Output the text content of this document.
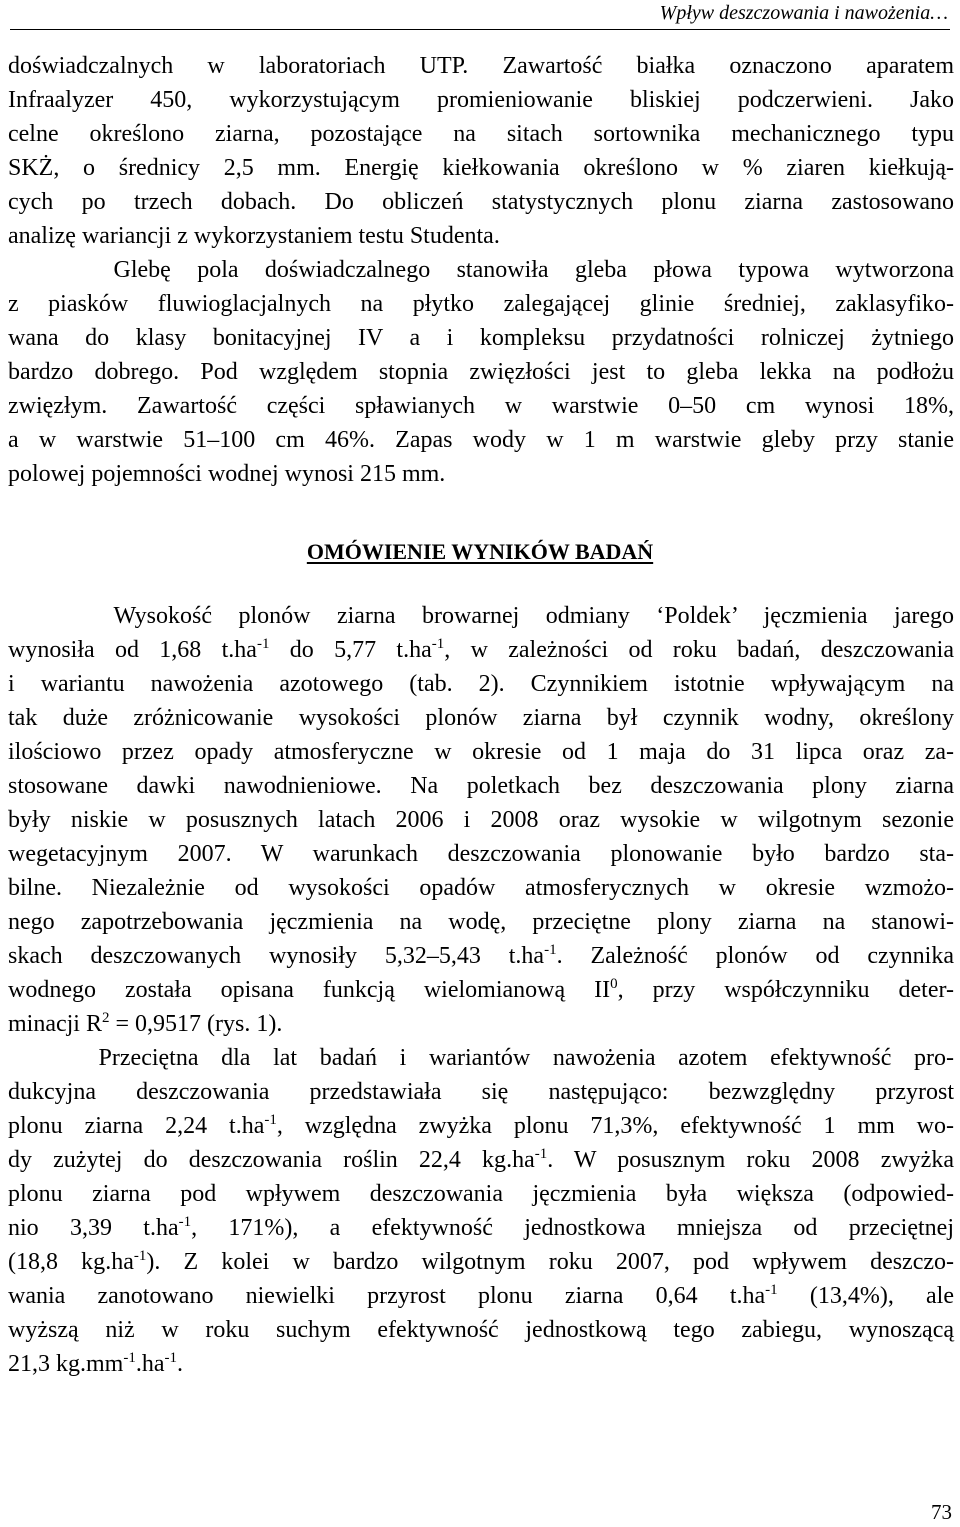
Wpływ deszczowania i nawożenia…
doświadczalnych w laboratoriach UTP. Zawartość białka oznaczono aparatem
Infraalyzer 450, wykorzystującym promieniowanie bliskiej podczerwieni. Jako
celne określono ziarna, pozostające na sitach sortownika mechanicznego typu
SKŻ, o średnicy 2,5 mm. Energię kiełkowania określono w % ziaren kiełkują-
cych po trzech dobach. Do obliczeń statystycznych plonu ziarna zastosowano
analizę wariancji z wykorzystaniem testu Studenta.
Glebę pola doświadczalnego stanowiła gleba płowa typowa wytworzona
z piasków fluwioglacjalnych na płytko zalegającej glinie średniej, zaklasyfiko-
wana do klasy bonitacyjnej IV a i kompleksu przydatności rolniczej żytniego
bardzo dobrego. Pod względem stopnia zwięzłości jest to gleba lekka na podłożu
zwięzłym. Zawartość części spławianych w warstwie 0–50 cm wynosi 18%,
a w warstwie 51–100 cm 46%. Zapas wody w 1 m warstwie gleby przy stanie
polowej pojemności wodnej wynosi 215 mm.
OMÓWIENIE WYNIKÓW BADAŃ
Wysokość plonów ziarna browarnej odmiany ‘Poldek’ jęczmienia jarego
wynosiła od 1,68 $t.ha^{-1}$ do 5,77 $t.ha^{-1}$, w zależności od roku badań, deszczowania
i wariantu nawożenia azotowego (tab. 2). Czynnikiem istotnie wpływającym na
tak duże zróżnicowanie wysokości plonów ziarna był czynnik wodny, określony
ilościowo przez opady atmosferyczne w okresie od 1 maja do 31 lipca oraz za-
stosowane dawki nawodnieniowe. Na poletkach bez deszczowania plony ziarna
były niskie w posusznych latach 2006 i 2008 oraz wysokie w wilgotnym sezonie
wegetacyjnym 2007. W warunkach deszczowania plonowanie było bardzo sta-
bilne. Niezależnie od wysokości opadów atmosferycznych w okresie wzmożo-
nego zapotrzebowania jęczmienia na wodę, przeciętne plony ziarna na stanowi-
skach deszczowanych wynosiły 5,32–5,43 $t.ha^{-1}$. Zależność plonów od czynnika
wodnego została opisana funkcją wielomianową $II^0$, przy współczynniku deter-
minacji $R^2 = 0,9517$ (rys. 1).
Przeciętna dla lat badań i wariantów nawożenia azotem efektywność pro-
dukcyjna deszczowania przedstawiała się następująco: bezwzględny przyrost
plonu ziarna 2,24 $t.ha^{-1}$, względna zwyżka plonu 71,3%, efektywność 1 mm wo-
dy zużytej do deszczowania roślin 22,4 $kg.ha^{-1}$. W posusznym roku 2008 zwyżka
plonu ziarna pod wpływem deszczowania jęczmienia była większa (odpowied-
nio 3,39 $t.ha^{-1}$, 171%), a efektywność jednostkowa mniejsza od przeciętnej
(18,8 $kg.ha^{-1}$). Z kolei w bardzo wilgotnym roku 2007, pod wpływem deszczo-
wania zanotowano niewielki przyrost plonu ziarna 0,64 $t.ha^{-1}$ (13,4%), ale
wyższą niż w roku suchym efektywność jednostkową tego zabiegu, wynoszącą
21,3 $kg.mm^{-1}.ha^{-1}$.
73
